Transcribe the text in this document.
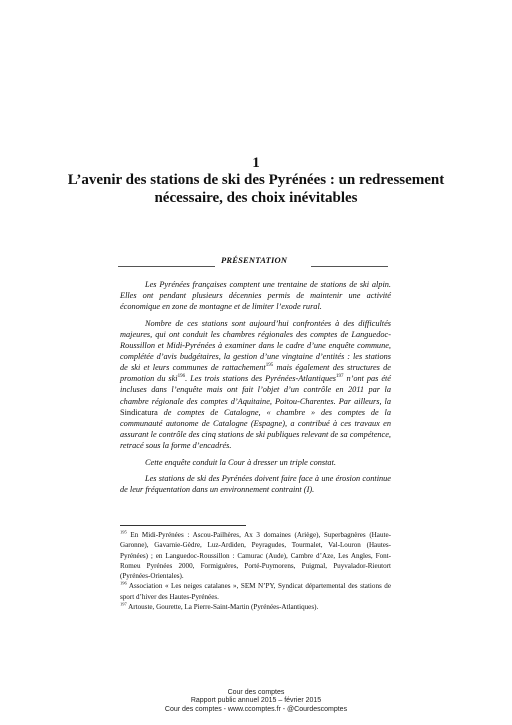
1
L’avenir des stations de ski des Pyrénées : un redressement nécessaire, des choix inévitables
PRÉSENTATION

Les Pyrénées françaises comptent une trentaine de stations de ski alpin. Elles ont pendant plusieurs décennies permis de maintenir une activité économique en zone de montagne et de limiter l’exode rural.

Nombre de ces stations sont aujourd’hui confrontées à des difficultés majeures, qui ont conduit les chambres régionales des comptes de Languedoc-Roussillon et Midi-Pyrénées à examiner dans le cadre d’une enquête commune, complétée d’avis budgétaires, la gestion d’une vingtaine d’entités : les stations de ski et leurs communes de rattachement$^{195}$ mais également des structures de promotion du ski$^{196}$. Les trois stations des Pyrénées-Atlantiques$^{197}$ n’ont pas été incluses dans l’enquête mais ont fait l’objet d’un contrôle en 2011 par la chambre régionale des comptes d’Aquitaine, Poitou-Charentes. Par ailleurs, la Sindicatura de comptes de Catalogne, « chambre » des comptes de la communauté autonome de Catalogne (Espagne), a contribué à ces travaux en assurant le contrôle des cinq stations de ski publiques relevant de sa compétence, retracé sous la forme d’encadrés.

Cette enquête conduit la Cour à dresser un triple constat.

Les stations de ski des Pyrénées doivent faire face à une érosion continue de leur fréquentation dans un environnement contraint (I).

$^{195}$ En Midi-Pyrénées : Ascou-Pailhères, Ax 3 domaines (Ariège), Superbagnères (Haute-Garonne), Gavarnie-Gèdre, Luz-Ardiden, Peyragudes, Tourmalet, Val-Louron (Hautes-Pyrénées) ; en Languedoc-Roussillon : Camurac (Aude), Cambre d’Aze, Les Angles, Font-Romeu Pyrénées 2000, Formiguères, Porté-Puymorens, Puigmal, Puyvalador-Rieutort (Pyrénées-Orientales).

$^{196}$ Association « Les neiges catalanes », SEM N’PY, Syndicat départemental des stations de sport d’hiver des Hautes-Pyrénées.

$^{197}$ Artouste, Gourette, La Pierre-Saint-Martin (Pyrénées-Atlantiques).

Cour des comptes
Rapport public annuel 2015 – février 2015
Cour des comptes - www.ccomptes.fr - @Courdescomptes
